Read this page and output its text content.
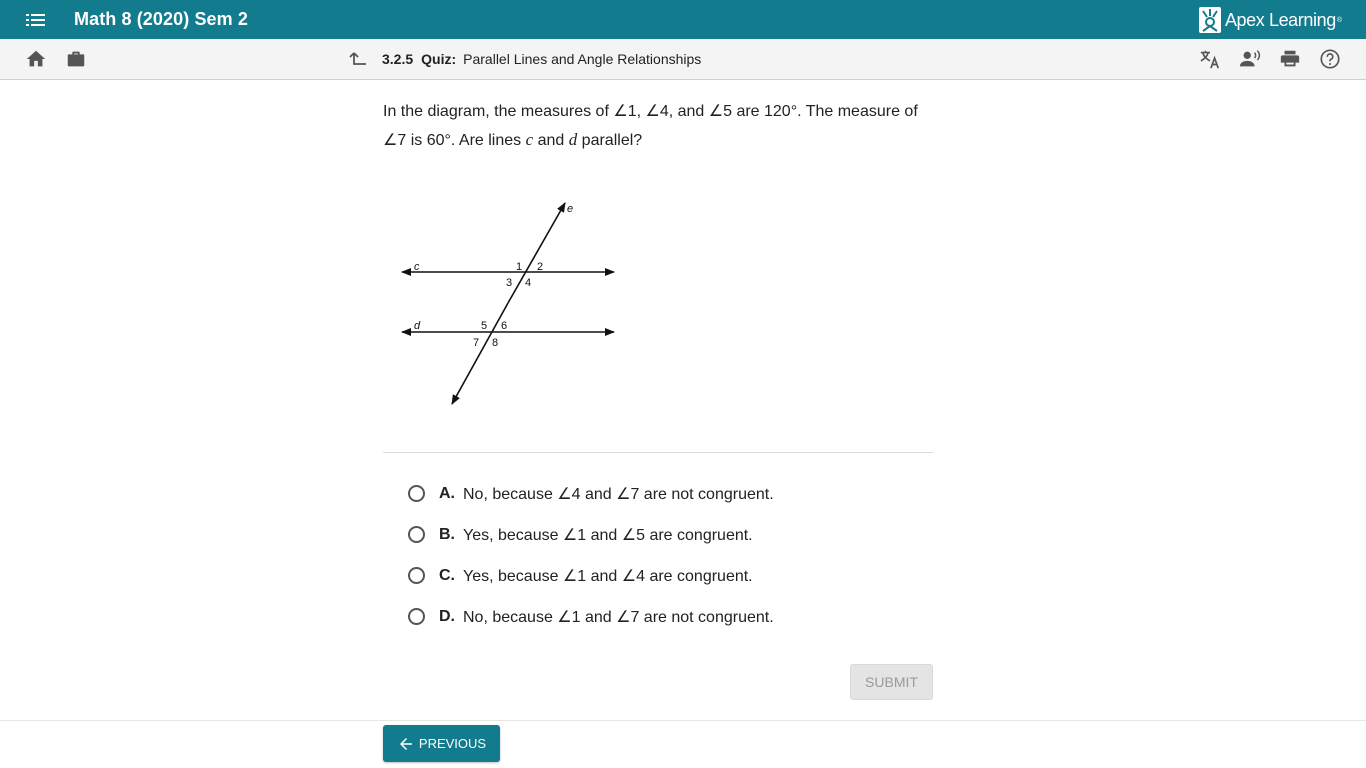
Math 8 (2020) Sem 2	Apex Learning ®
3.2.5 Quiz: Parallel Lines and Angle Relationships
In the diagram, the measures of ∠1, ∠4, and ∠5 are 120°. The measure of ∠7 is 60°. Are lines c and d parallel?
c
d
e
1 2
3 4
5 6
7 8
A. No, because ∠4 and ∠7 are not congruent.
B. Yes, because ∠1 and ∠5 are congruent.
C. Yes, because ∠1 and ∠4 are congruent.
D. No, because ∠1 and ∠7 are not congruent.
SUBMIT
PREVIOUS
